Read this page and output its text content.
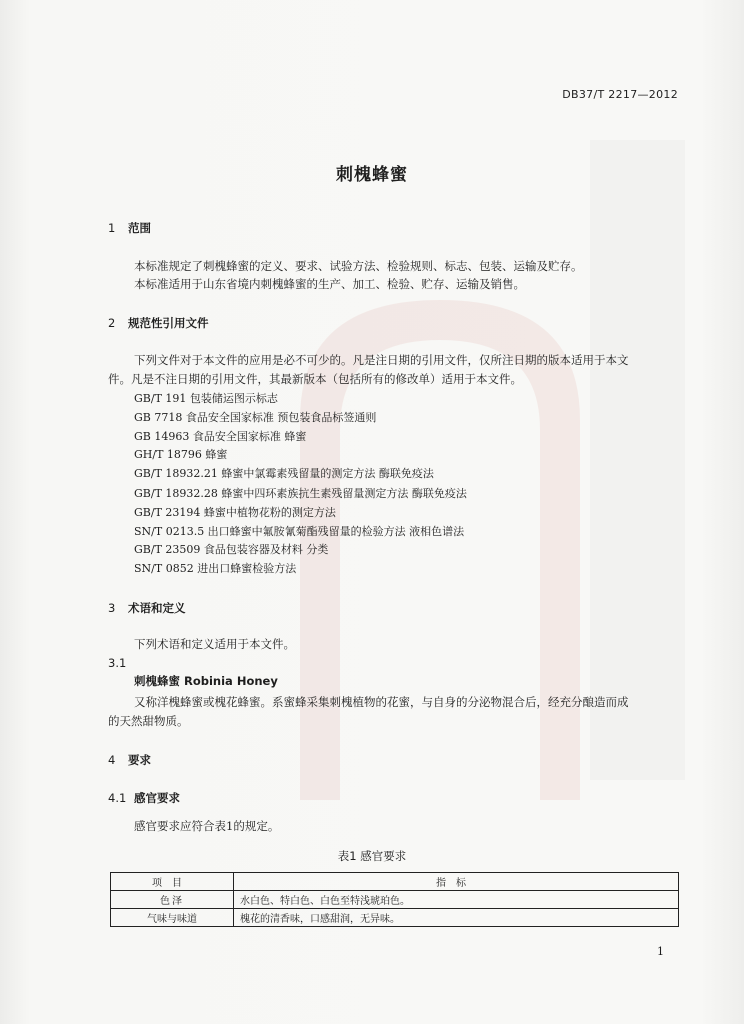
DB37/T 2217—2012
刺槐蜂蜜
1 范围
本标准规定了刺槐蜂蜜的定义、要求、试验方法、检验规则、标志、包装、运输及贮存。
本标准适用于山东省境内刺槐蜂蜜的生产、加工、检验、贮存、运输及销售。
2 规范性引用文件
下列文件对于本文件的应用是必不可少的。凡是注日期的引用文件，仅所注日期的版本适用于本文
件。凡是不注日期的引用文件，其最新版本（包括所有的修改单）适用于本文件。
GB/T 191 包装储运图示标志
GB 7718 食品安全国家标准 预包装食品标签通则
GB 14963 食品安全国家标准 蜂蜜
GH/T 18796 蜂蜜
GB/T 18932.21 蜂蜜中氯霉素残留量的测定方法 酶联免疫法
GB/T 18932.28 蜂蜜中四环素族抗生素残留量测定方法 酶联免疫法
GB/T 23194 蜂蜜中植物花粉的测定方法
SN/T 0213.5 出口蜂蜜中氟胺氰菊酯残留量的检验方法 液相色谱法
GB/T 23509 食品包装容器及材料 分类
SN/T 0852 进出口蜂蜜检验方法
3 术语和定义
下列术语和定义适用于本文件。
3.1
刺槐蜂蜜 Robinia Honey
又称洋槐蜂蜜或槐花蜂蜜。系蜜蜂采集刺槐植物的花蜜，与自身的分泌物混合后，经充分酿造而成
的天然甜物质。
4 要求
4.1 感官要求
感官要求应符合表1的规定。
表1 感官要求
项目	指标
色泽	水白色、特白色、白色至特浅琥珀色。
气味与味道	槐花的清香味，口感甜润，无异味。
1
